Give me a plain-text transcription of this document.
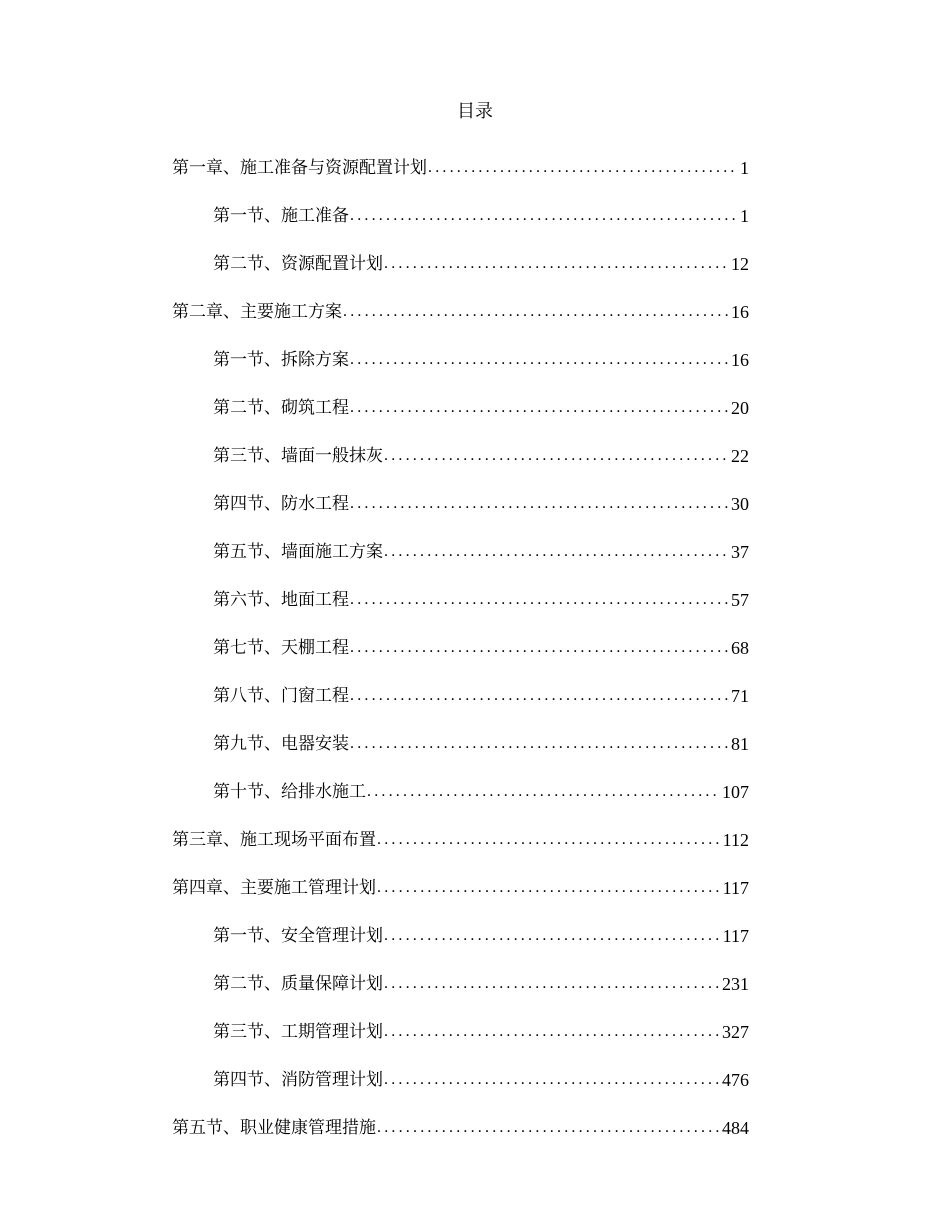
目录
第一章、施工准备与资源配置计划 .....	1
第一节、施工准备 .....	1
第二节、资源配置计划 .....	12
第二章、主要施工方案 .....	16
第一节、拆除方案 .....	16
第二节、砌筑工程 .....	20
第三节、墙面一般抹灰 .....	22
第四节、防水工程 .....	30
第五节、墙面施工方案 .....	37
第六节、地面工程 .....	57
第七节、天棚工程 .....	68
第八节、门窗工程 .....	71
第九节、电器安装 .....	81
第十节、给排水施工 .....	107
第三章、施工现场平面布置 .....	112
第四章、主要施工管理计划 .....	117
第一节、安全管理计划 .....	117
第二节、质量保障计划 .....	231
第三节、工期管理计划 .....	327
第四节、消防管理计划 .....	476
第五节、职业健康管理措施 .....	484
